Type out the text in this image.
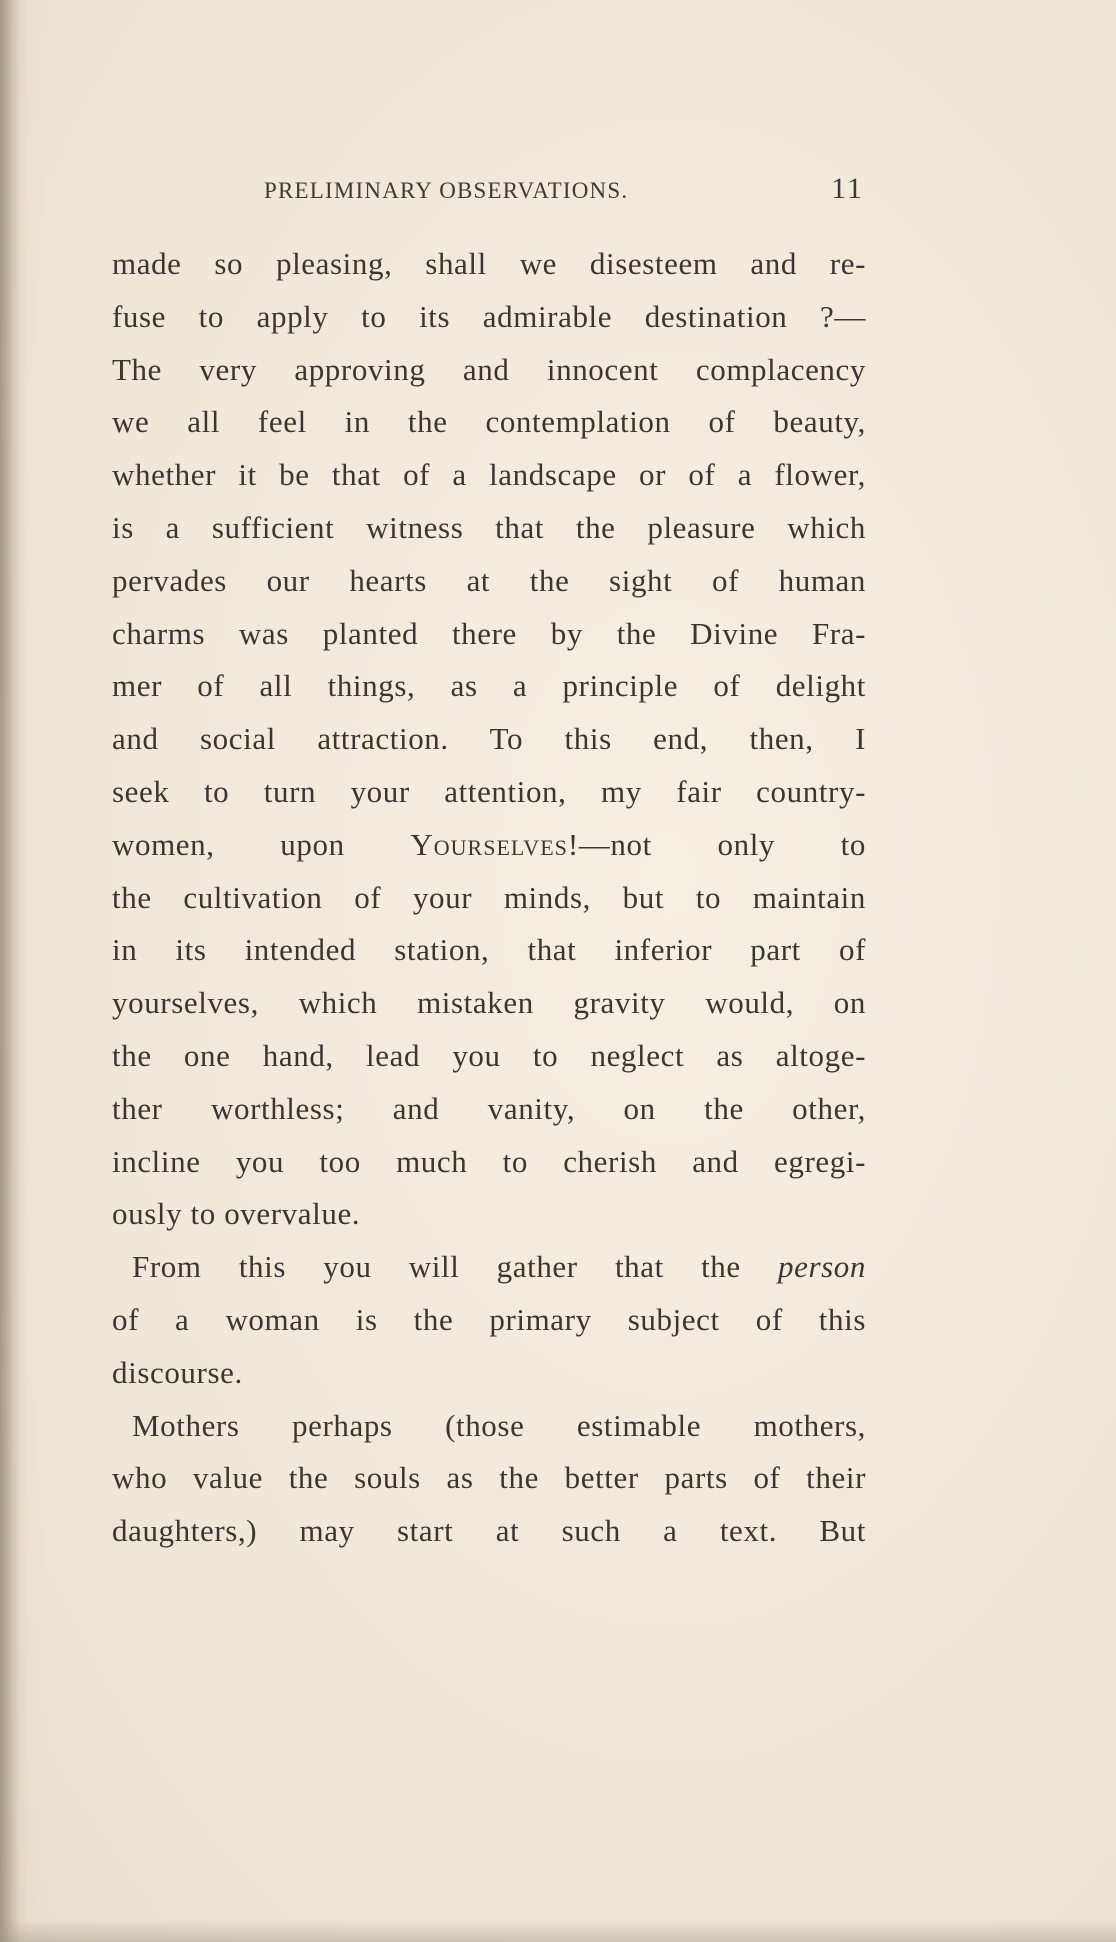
PRELIMINARY OBSERVATIONS.	11
made so pleasing, shall we disesteem and re-
fuse to apply to its admirable destination ?—
The very approving and innocent complacency
we all feel in the contemplation of beauty,
whether it be that of a landscape or of a flower,
is a sufficient witness that the pleasure which
pervades our hearts at the sight of human
charms was planted there by the Divine Fra-
mer of all things, as a principle of delight
and social attraction. To this end, then, I
seek to turn your attention, my fair country-
women, upon Yourselves!—not only to
the cultivation of your minds, but to maintain
in its intended station, that inferior part of
yourselves, which mistaken gravity would, on
the one hand, lead you to neglect as altoge-
ther worthless; and vanity, on the other,
incline you too much to cherish and egregi-
ously to overvalue.
From this you will gather that the person
of a woman is the primary subject of this
discourse.
Mothers perhaps (those estimable mothers,
who value the souls as the better parts of their
daughters,) may start at such a text. But
